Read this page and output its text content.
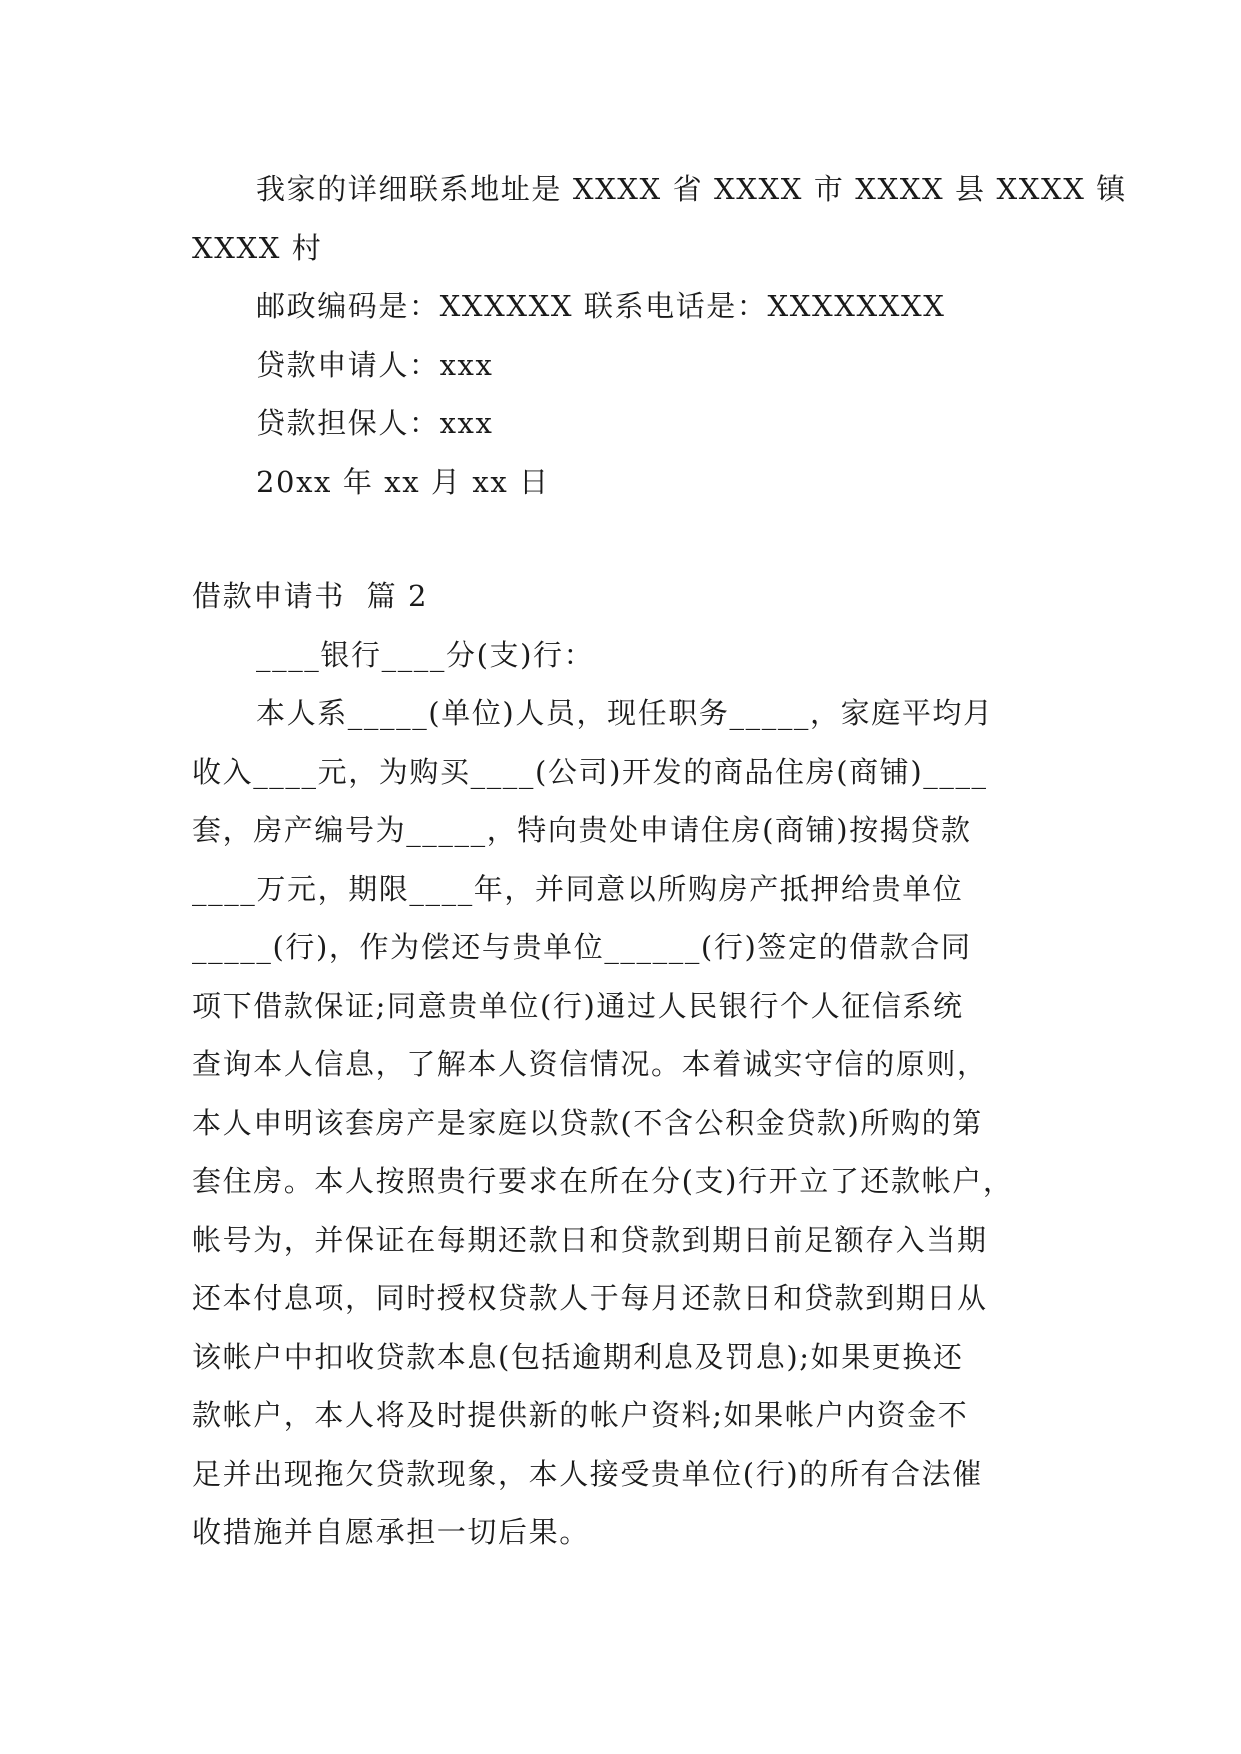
我家的详细联系地址是 XXXX 省 XXXX 市 XXXX 县 XXXX 镇

XXXX 村

邮政编码是：XXXXXX 联系电话是：XXXXXXXX

贷款申请人：xxx

贷款担保人：xxx

20xx 年 xx 月 xx 日

借款申请书  篇 2

____银行____分(支)行：

本人系_____(单位)人员，现任职务_____，家庭平均月

收入____元，为购买____(公司)开发的商品住房(商铺)____

套，房产编号为_____，特向贵处申请住房(商铺)按揭贷款

____万元，期限____年，并同意以所购房产抵押给贵单位

_____(行)，作为偿还与贵单位______(行)签定的借款合同

项下借款保证;同意贵单位(行)通过人民银行个人征信系统

查询本人信息，了解本人资信情况。本着诚实守信的原则，

本人申明该套房产是家庭以贷款(不含公积金贷款)所购的第

套住房。本人按照贵行要求在所在分(支)行开立了还款帐户，

帐号为，并保证在每期还款日和贷款到期日前足额存入当期

还本付息项，同时授权贷款人于每月还款日和贷款到期日从

该帐户中扣收贷款本息(包括逾期利息及罚息);如果更换还

款帐户，本人将及时提供新的帐户资料;如果帐户内资金不

足并出现拖欠贷款现象，本人接受贵单位(行)的所有合法催

收措施并自愿承担一切后果。
